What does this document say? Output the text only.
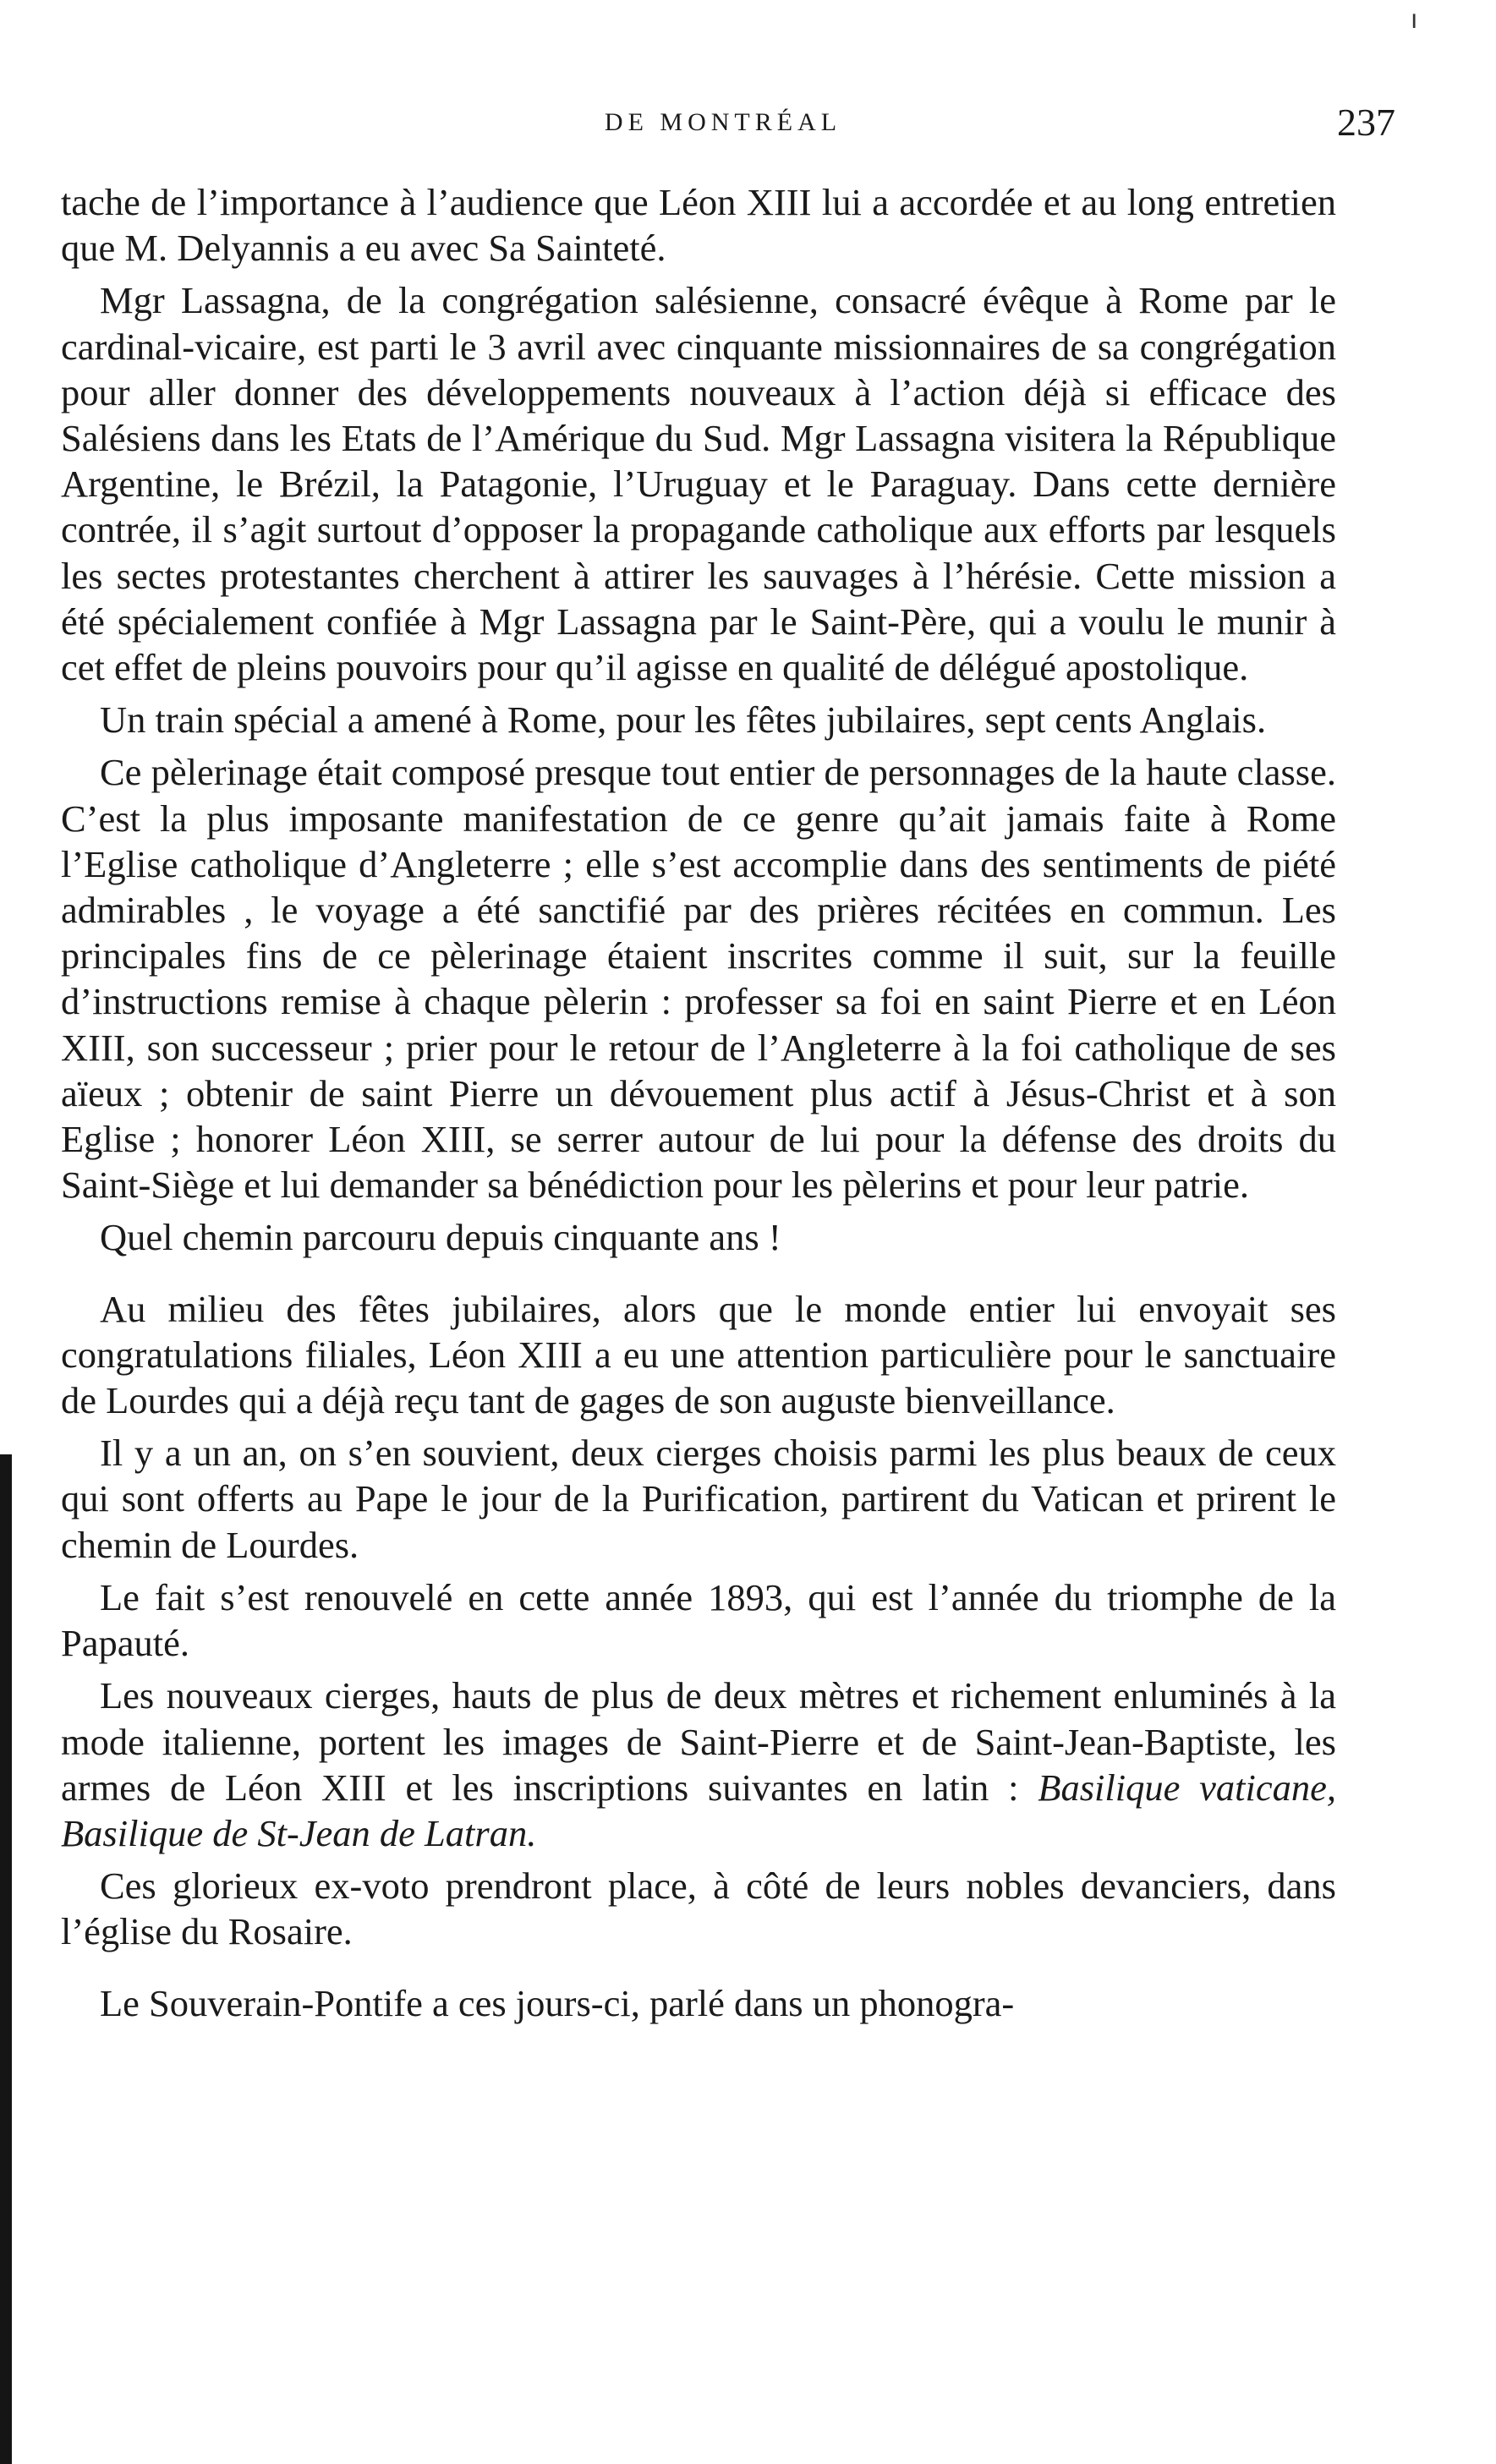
ı
DE MONTRÉAL	237

tache de l’importance à l’audience que Léon XIII lui a accordée et au long entretien que M. Delyannis a eu avec Sa Sainteté.

Mgr Lassagna, de la congrégation salésienne, consacré évêque à Rome par le cardinal-vicaire, est parti le 3 avril avec cinquante missionnaires de sa congrégation pour aller donner des développements nouveaux à l’action déjà si efficace des Salésiens dans les Etats de l’Amérique du Sud. Mgr Lassagna visitera la République Argentine, le Brézil, la Patagonie, l’Uruguay et le Paraguay. Dans cette dernière contrée, il s’agit surtout d’opposer la propagande catholique aux efforts par lesquels les sectes protestantes cherchent à attirer les sauvages à l’hérésie. Cette mission a été spécialement confiée à Mgr Lassagna par le Saint-Père, qui a voulu le munir à cet effet de pleins pouvoirs pour qu’il agisse en qualité de délégué apostolique.

Un train spécial a amené à Rome, pour les fêtes jubilaires, sept cents Anglais.

Ce pèlerinage était composé presque tout entier de personnages de la haute classe. C’est la plus imposante manifestation de ce genre qu’ait jamais faite à Rome l’Eglise catholique d’Angleterre ; elle s’est accomplie dans des sentiments de piété admirables , le voyage a été sanctifié par des prières récitées en commun. Les principales fins de ce pèlerinage étaient inscrites comme il suit, sur la feuille d’instructions remise à chaque pèlerin : professer sa foi en saint Pierre et en Léon XIII, son successeur ; prier pour le retour de l’Angleterre à la foi catholique de ses aïeux ; obtenir de saint Pierre un dévouement plus actif à Jésus-Christ et à son Eglise ; honorer Léon XIII, se serrer autour de lui pour la défense des droits du Saint-Siège et lui demander sa bénédiction pour les pèlerins et pour leur patrie.

Quel chemin parcouru depuis cinquante ans !

Au milieu des fêtes jubilaires, alors que le monde entier lui envoyait ses congratulations filiales, Léon XIII a eu une attention particulière pour le sanctuaire de Lourdes qui a déjà reçu tant de gages de son auguste bienveillance.

Il y a un an, on s’en souvient, deux cierges choisis parmi les plus beaux de ceux qui sont offerts au Pape le jour de la Purification, partirent du Vatican et prirent le chemin de Lourdes.

Le fait s’est renouvelé en cette année 1893, qui est l’année du triomphe de la Papauté.

Les nouveaux cierges, hauts de plus de deux mètres et richement enluminés à la mode italienne, portent les images de Saint-Pierre et de Saint-Jean-Baptiste, les armes de Léon XIII et les inscriptions suivantes en latin : Basilique vaticane, Basilique de St-Jean de Latran.

Ces glorieux ex-voto prendront place, à côté de leurs nobles devanciers, dans l’église du Rosaire.

Le Souverain-Pontife a ces jours-ci, parlé dans un phonogra-
